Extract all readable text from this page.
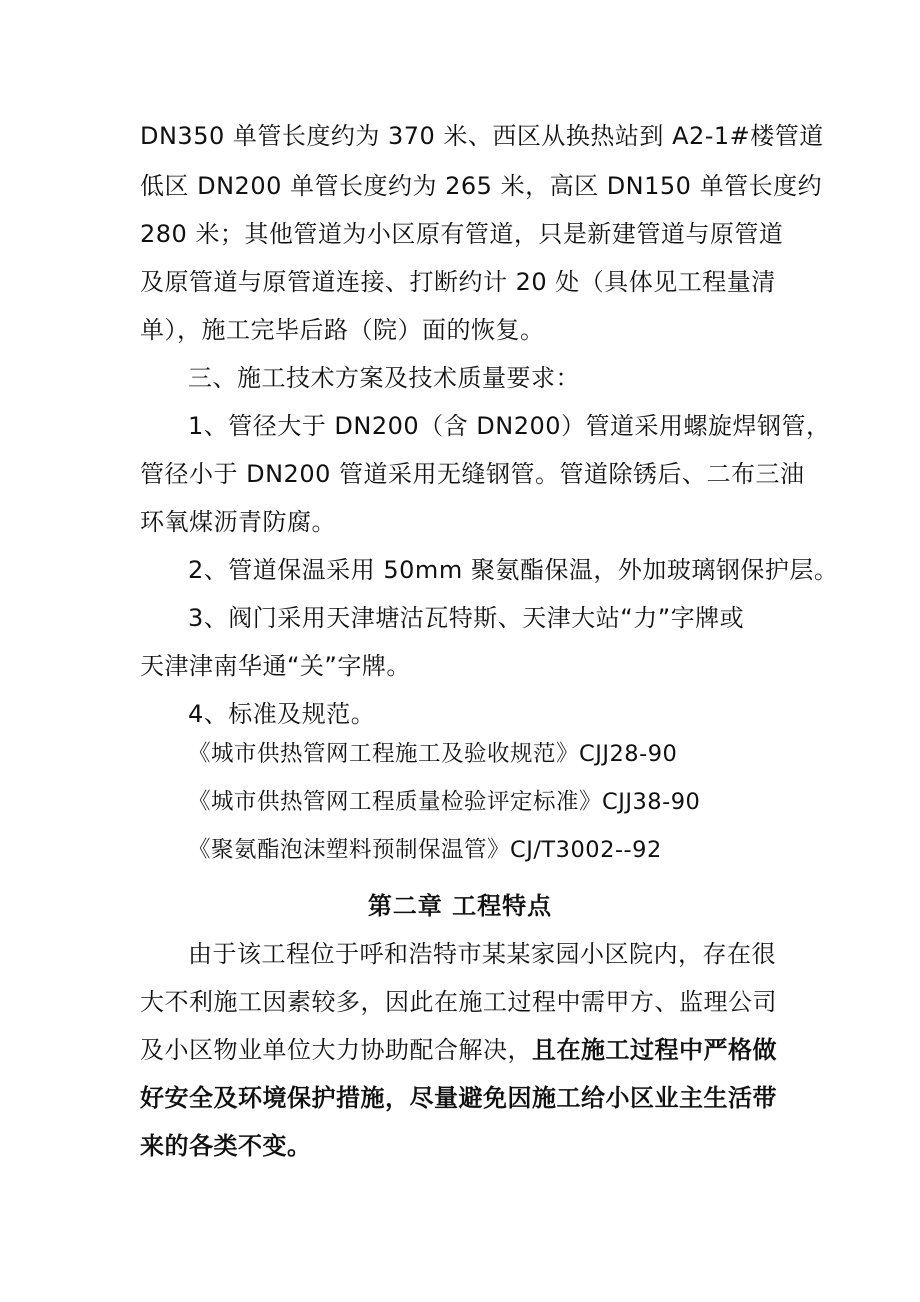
DN350 单管长度约为 370 米、西区从换热站到 A2-1#楼管道
低区 DN200 单管长度约为 265 米，高区 DN150 单管长度约
280 米；其他管道为小区原有管道，只是新建管道与原管道
及原管道与原管道连接、打断约计 20 处（具体见工程量清
单），施工完毕后路（院）面的恢复。
三、施工技术方案及技术质量要求：
1、管径大于 DN200（含 DN200）管道采用螺旋焊钢管，
管径小于 DN200 管道采用无缝钢管。管道除锈后、二布三油
环氧煤沥青防腐。
2、管道保温采用 50mm 聚氨酯保温，外加玻璃钢保护层。
3、阀门采用天津塘沽瓦特斯、天津大站“力”字牌或
天津津南华通“关”字牌。
4、标准及规范。
《城市供热管网工程施工及验收规范》CJJ28-90
《城市供热管网工程质量检验评定标准》CJJ38-90
《聚氨酯泡沫塑料预制保温管》CJ/T3002--92
第二章 工程特点
由于该工程位于呼和浩特市某某家园小区院内，存在很
大不利施工因素较多，因此在施工过程中需甲方、监理公司
及小区物业单位大力协助配合解决，且在施工过程中严格做
好安全及环境保护措施，尽量避免因施工给小区业主生活带
来的各类不变。
